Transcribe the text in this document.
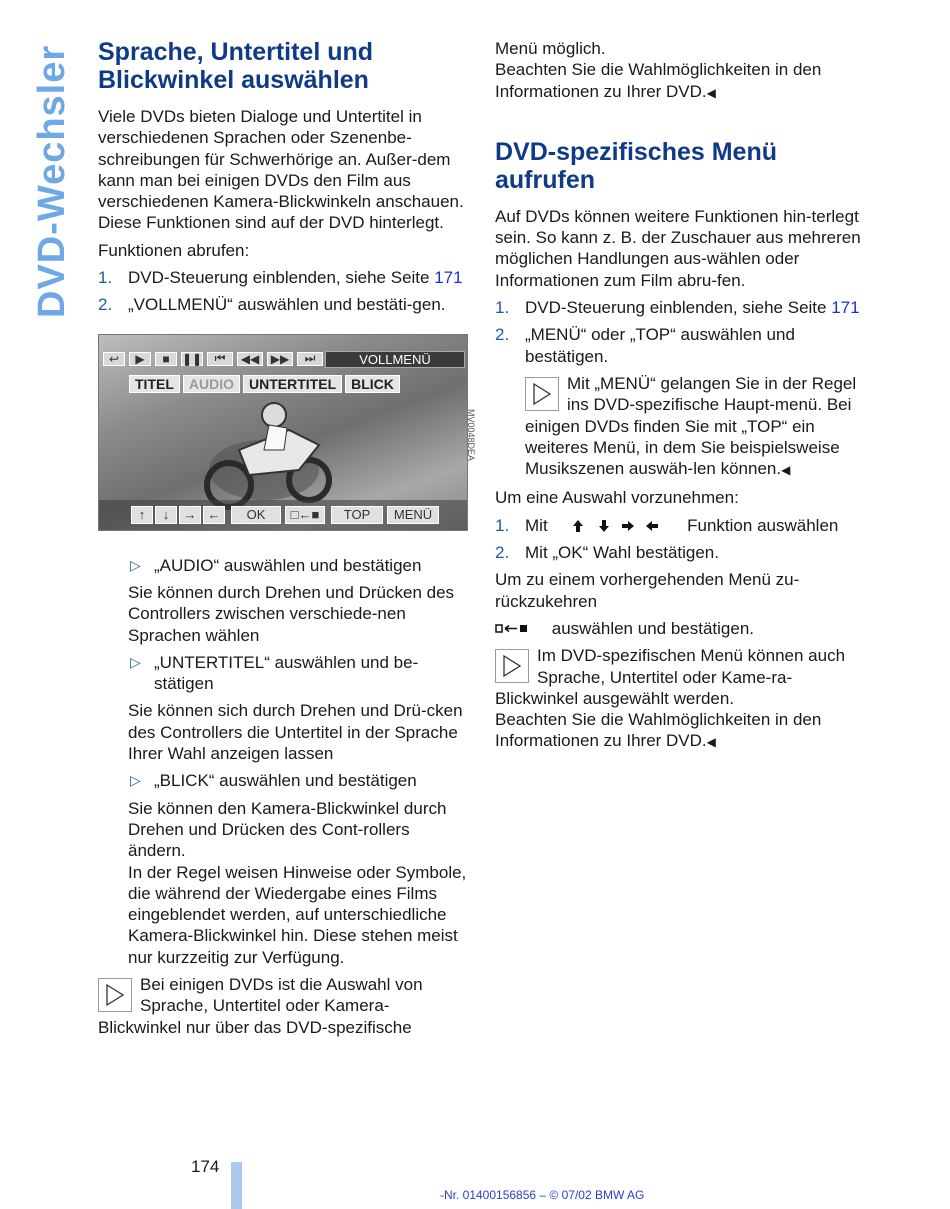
DVD-Wechsler Sprache, Untertitel und Blickwinkel auswählen

Viele DVDs bieten Dialoge und Untertitel in verschiedenen Sprachen oder Szenenbe-schreibungen für Schwerhörige an. Außer-dem kann man bei einigen DVDs den Film aus verschiedenen Kamera-Blickwinkeln anschauen. Diese Funktionen sind auf der DVD hinterlegt.

Funktionen abrufen:

1. DVD-Steuerung einblenden, siehe Seite 171
2. „VOLLMENÜ“ auswählen und bestäti-gen.
↩	▶	■	❚❚	⏮	◀◀ ▶▶	⏭	VOLLMENÜ
TITEL	AUDIO	UNTERTITEL	BLICK
↑	↓	→ ←	OK	□←■	TOP	MENÜ
MV0048DEA
▷ „AUDIO“ auswählen und bestätigen
Sie können durch Drehen und Drücken des Controllers zwischen verschiede-nen Sprachen wählen
▷ „UNTERTITEL“ auswählen und be-stätigen
Sie können sich durch Drehen und Drü-cken des Controllers die Untertitel in der Sprache Ihrer Wahl anzeigen lassen
▷ „BLICK“ auswählen und bestätigen
Sie können den Kamera-Blickwinkel durch Drehen und Drücken des Cont-rollers ändern.
In der Regel weisen Hinweise oder Symbole, die während der Wiedergabe eines Films eingeblendet werden, auf unterschiedliche Kamera-Blickwinkel hin. Diese stehen meist nur kurzzeitig zur Verfügung.
Bei einigen DVDs ist die Auswahl von Sprache, Untertitel oder Kamera-Blickwinkel nur über das DVD-spezifische

Menü möglich.

Beachten Sie die Wahlmöglichkeiten in den Informationen zu Ihrer DVD.◀

DVD-spezifisches Menü aufrufen

Auf DVDs können weitere Funktionen hin-terlegt sein. So kann z. B. der Zuschauer aus mehreren möglichen Handlungen aus-wählen oder Informationen zum Film abru-fen.

1. DVD-Steuerung einblenden, siehe Seite 171
2. „MENÜ“ oder „TOP“ auswählen und bestätigen.
Mit „MENÜ“ gelangen Sie in der Regel ins DVD-spezifische Haupt-menü. Bei einigen DVDs finden Sie mit „TOP“ ein weiteres Menü, in dem Sie beispielsweise Musikszenen auswäh-len können.◀

Um eine Auswahl vorzunehmen:

1. Mit	Funktion auswählen
2. Mit „OK“ Wahl bestätigen.

Um zu einem vorhergehenden Menü zu-rückzukehren

auswählen und bestätigen.

Im DVD-spezifischen Menü können auch Sprache, Untertitel oder Kame-ra-Blickwinkel ausgewählt werden.

Beachten Sie die Wahlmöglichkeiten in den Informationen zu Ihrer DVD.◀

174
-Nr. 01400156856 – © 07/02 BMW AG
